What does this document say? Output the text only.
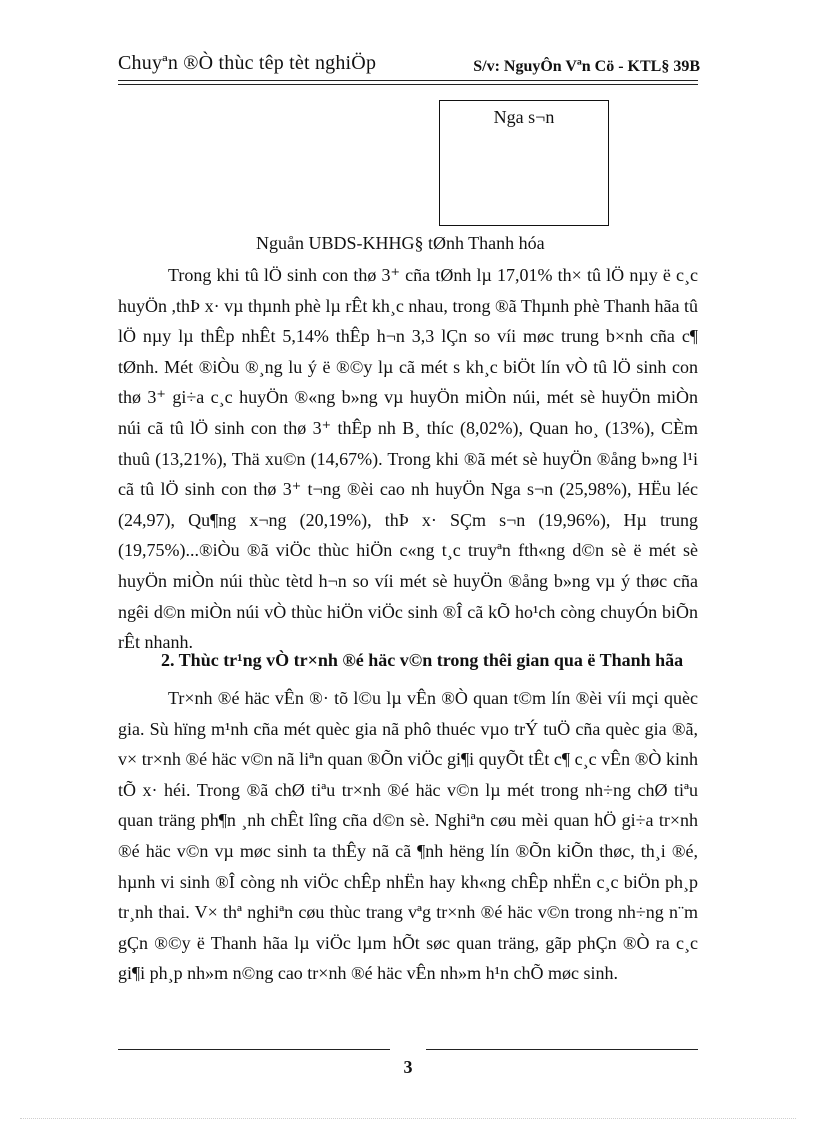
Chuyªn ®Ò thùc têp tèt nghiÖp	S/v: NguyÔn Vªn Cö - KTL§ 39B
Nga s¬n
Nguån UBDS-KHHG§ tØnh Thanh hóa

Trong khi tû lÖ sinh con thø 3⁺ cña tØnh lµ 17,01% th× tû lÖ nµy ë c¸c huyÖn ,thÞ x· vµ thµnh phè lµ rÊt kh¸c nhau, trong ®ã Thµnh phè Thanh hãa tû lÖ nµy lµ thÊp nhÊt 5,14% thÊp h¬n 3,3 lÇn so víi møc trung b×nh cña c¶ tØnh. Mét ®iÒu ®¸ng lu ý ë ®©y lµ cã mét s kh¸c biÖt lín vÒ tû lÖ sinh con thø 3⁺ gi÷a c¸c huyÖn ®«ng b»ng vµ huyÖn miÒn núi, mét sè huyÖn miÒn núi cã tû lÖ sinh con thø 3⁺ thÊp nh B¸ thíc (8,02%), Quan ho¸ (13%), CÈm thuû (13,21%), Thä xu©n (14,67%). Trong khi ®ã mét sè huyÖn ®ång b»ng l¹i cã tû lÖ sinh con thø 3⁺ t¬ng ®èi cao nh huyÖn Nga s¬n (25,98%), HËu léc (24,97), Qu¶ng x¬ng (20,19%), thÞ x· SÇm s¬n (19,96%), Hµ trung (19,75%)...®iÒu ®ã viÖc thùc hiÖn c«ng t¸c truyªn fth«ng d©n sè ë mét sè huyÖn miÒn núi thùc tètd h¬n so víi mét sè huyÖn ®ång b»ng vµ ý thøc cña ngêi d©n miÒn núi vÒ thùc hiÖn viÖc sinh ®Î cã kÕ ho¹ch còng chuyÓn biÕn rÊt nhanh.

2. Thùc tr¹ng vÒ tr×nh ®é häc v©n trong thêi gian qua ë Thanh hãa

Tr×nh ®é häc vÊn ®· tõ l©u lµ vÊn ®Ò quan t©m lín ®èi víi mçi quèc gia. Sù hïng m¹nh cña mét quèc gia nã phô thuéc vµo trÝ tuÖ cña quèc gia ®ã, v× tr×nh ®é häc v©n nã liªn quan ®Õn viÖc gi¶i quyÕt tÊt c¶ c¸c vÊn ®Ò kinh tÕ x· héi. Trong ®ã chØ tiªu tr×nh ®é häc v©n lµ mét trong nh÷ng chØ tiªu quan träng ph¶n ¸nh chÊt lîng cña d©n sè. Nghiªn cøu mèi quan hÖ gi÷a tr×nh ®é häc v©n vµ møc sinh ta thÊy nã cã ¶nh hëng lín ®Õn kiÕn thøc, th¸i ®é, hµnh vi sinh ®Î còng nh viÖc chÊp nhËn hay kh«ng chÊp nhËn c¸c biÖn ph¸p tr¸nh thai. V× thª nghiªn cøu thùc trang vªg tr×nh ®é häc v©n trong nh÷ng n¨m gÇn ®©y ë Thanh hãa lµ viÖc lµm hÕt søc quan träng, gãp phÇn ®Ò ra c¸c gi¶i ph¸p nh»m n©ng cao tr×nh ®é häc vÊn nh»m h¹n chÕ møc sinh.

3
